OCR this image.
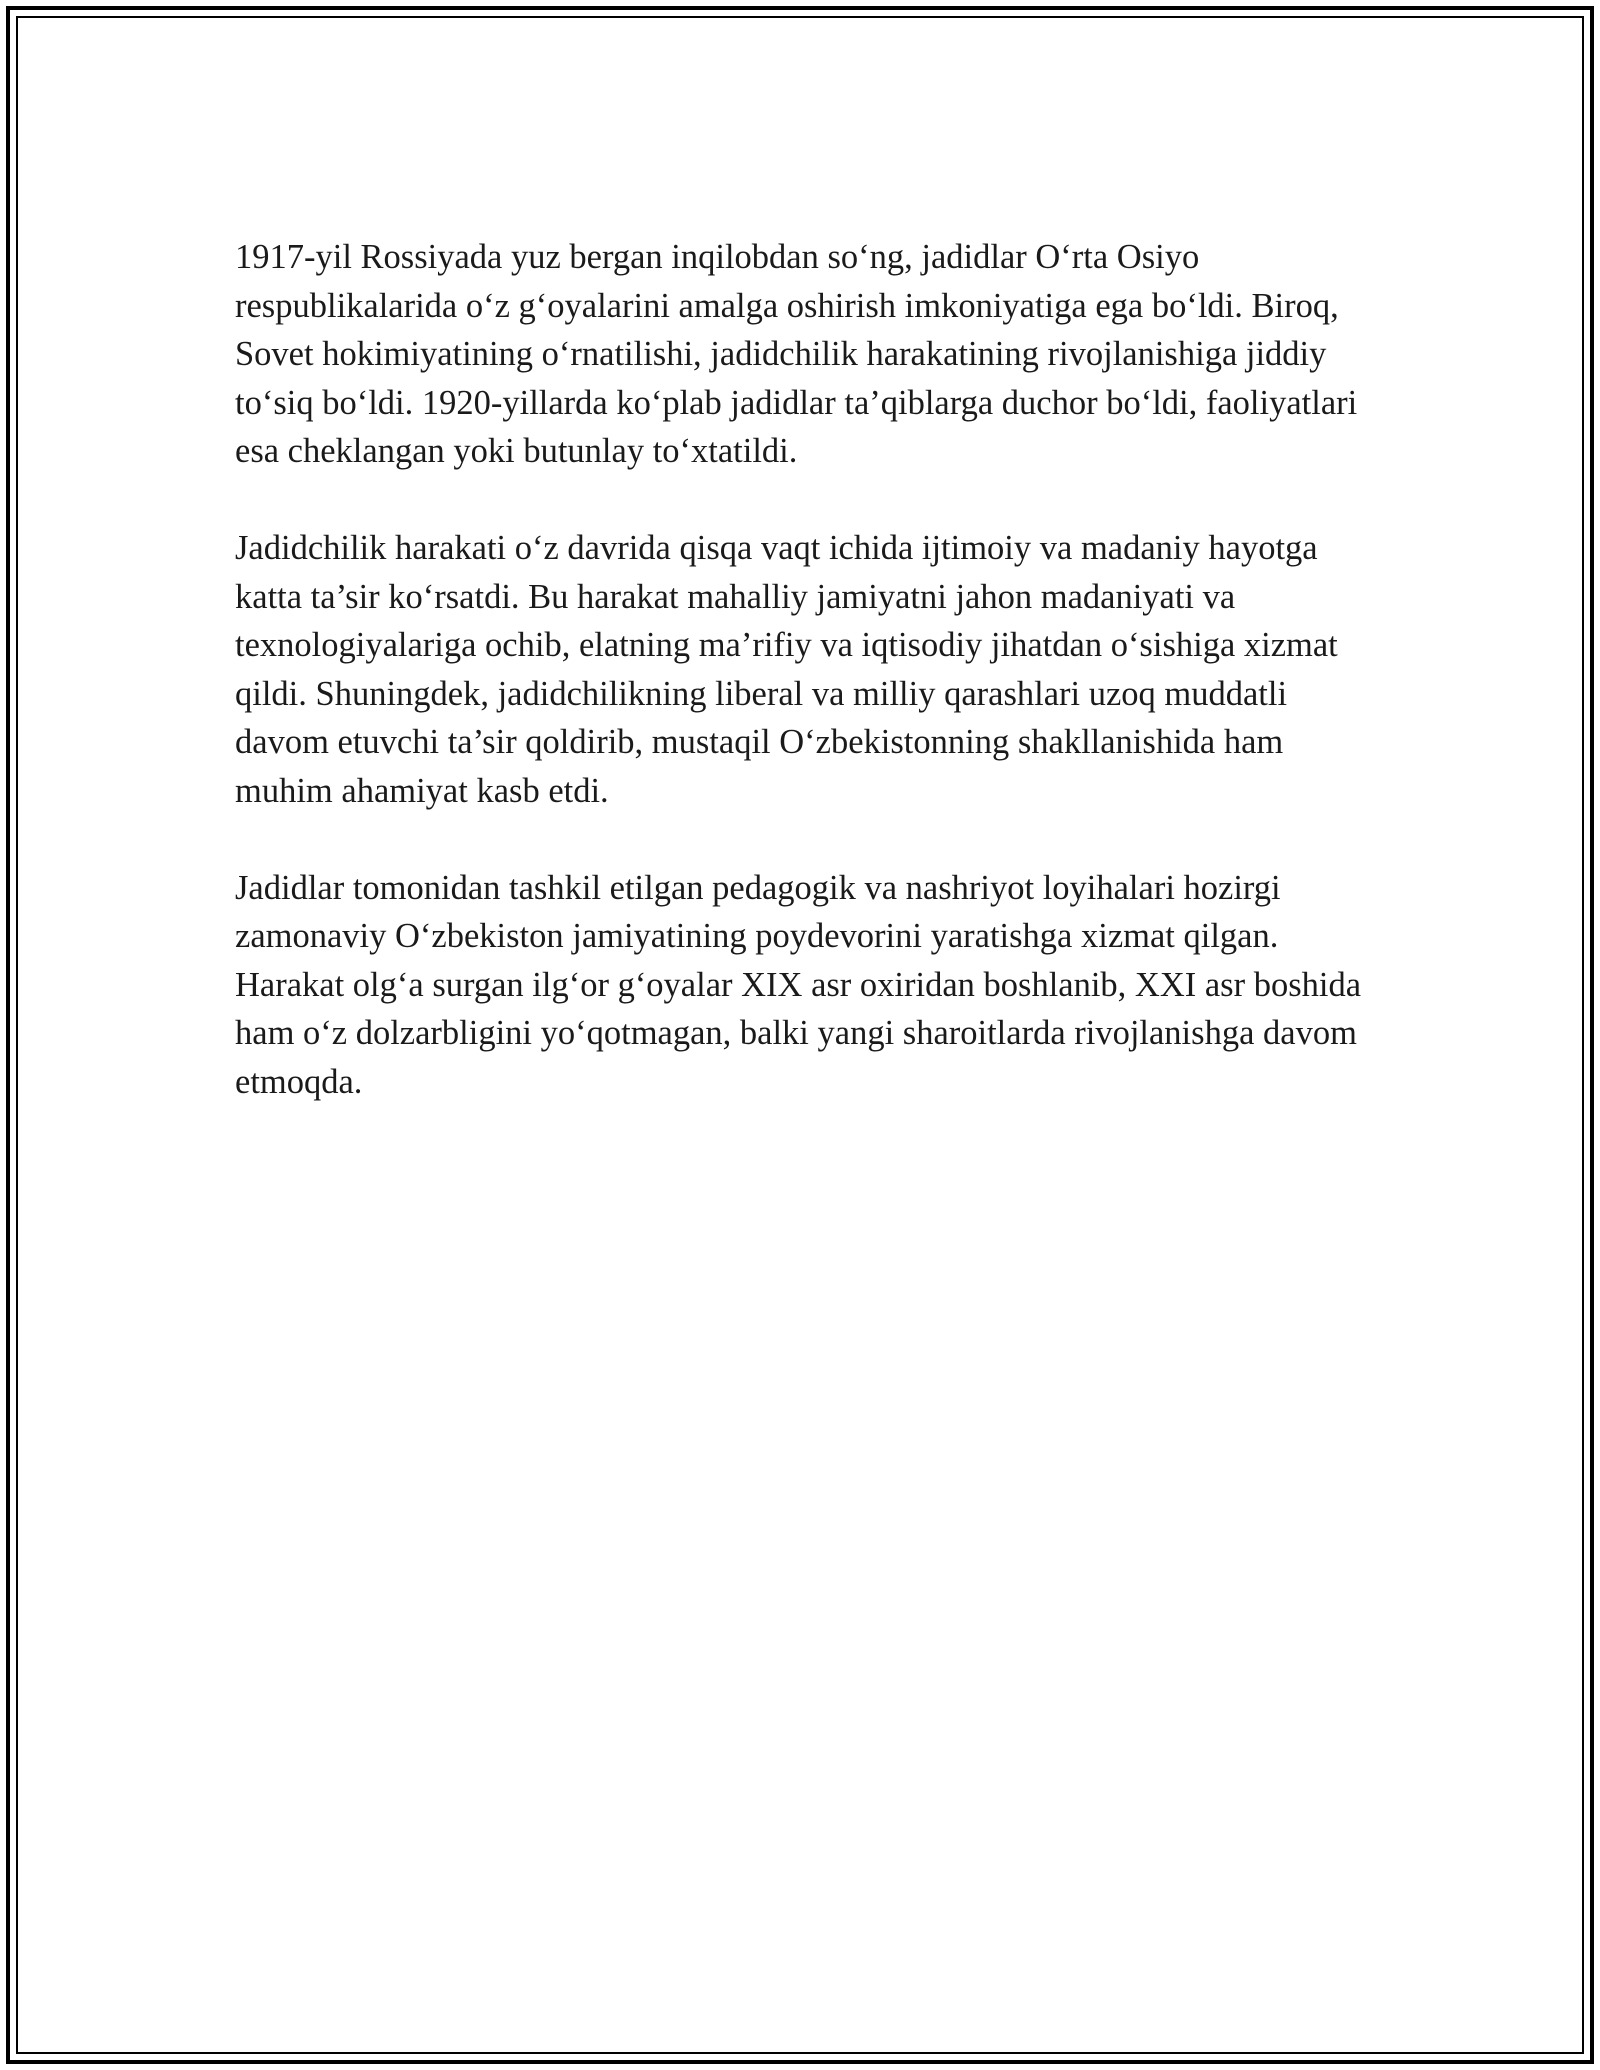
1917-yil Rossiyada yuz bergan inqilobdan so‘ng, jadidlar O‘rta Osiyo respublikalarida o‘z g‘oyalarini amalga oshirish imkoniyatiga ega bo‘ldi. Biroq, Sovet hokimiyatining o‘rnatilishi, jadidchilik harakatining rivojlanishiga jiddiy to‘siq bo‘ldi. 1920-yillarda ko‘plab jadidlar ta’qiblarga duchor bo‘ldi, faoliyatlari esa cheklangan yoki butunlay to‘xtatildi.

Jadidchilik harakati o‘z davrida qisqa vaqt ichida ijtimoiy va madaniy hayotga katta ta’sir ko‘rsatdi. Bu harakat mahalliy jamiyatni jahon madaniyati va texnologiyalariga ochib, elatning ma’rifiy va iqtisodiy jihatdan o‘sishiga xizmat qildi. Shuningdek, jadidchilikning liberal va milliy qarashlari uzoq muddatli davom etuvchi ta’sir qoldirib, mustaqil O‘zbekistonning shakllanishida ham muhim ahamiyat kasb etdi.

Jadidlar tomonidan tashkil etilgan pedagogik va nashriyot loyihalari hozirgi zamonaviy O‘zbekiston jamiyatining poydevorini yaratishga xizmat qilgan. Harakat olg‘a surgan ilg‘or g‘oyalar XIX asr oxiridan boshlanib, XXI asr boshida ham o‘z dolzarbligini yo‘qotmagan, balki yangi sharoitlarda rivojlanishga davom etmoqda.
